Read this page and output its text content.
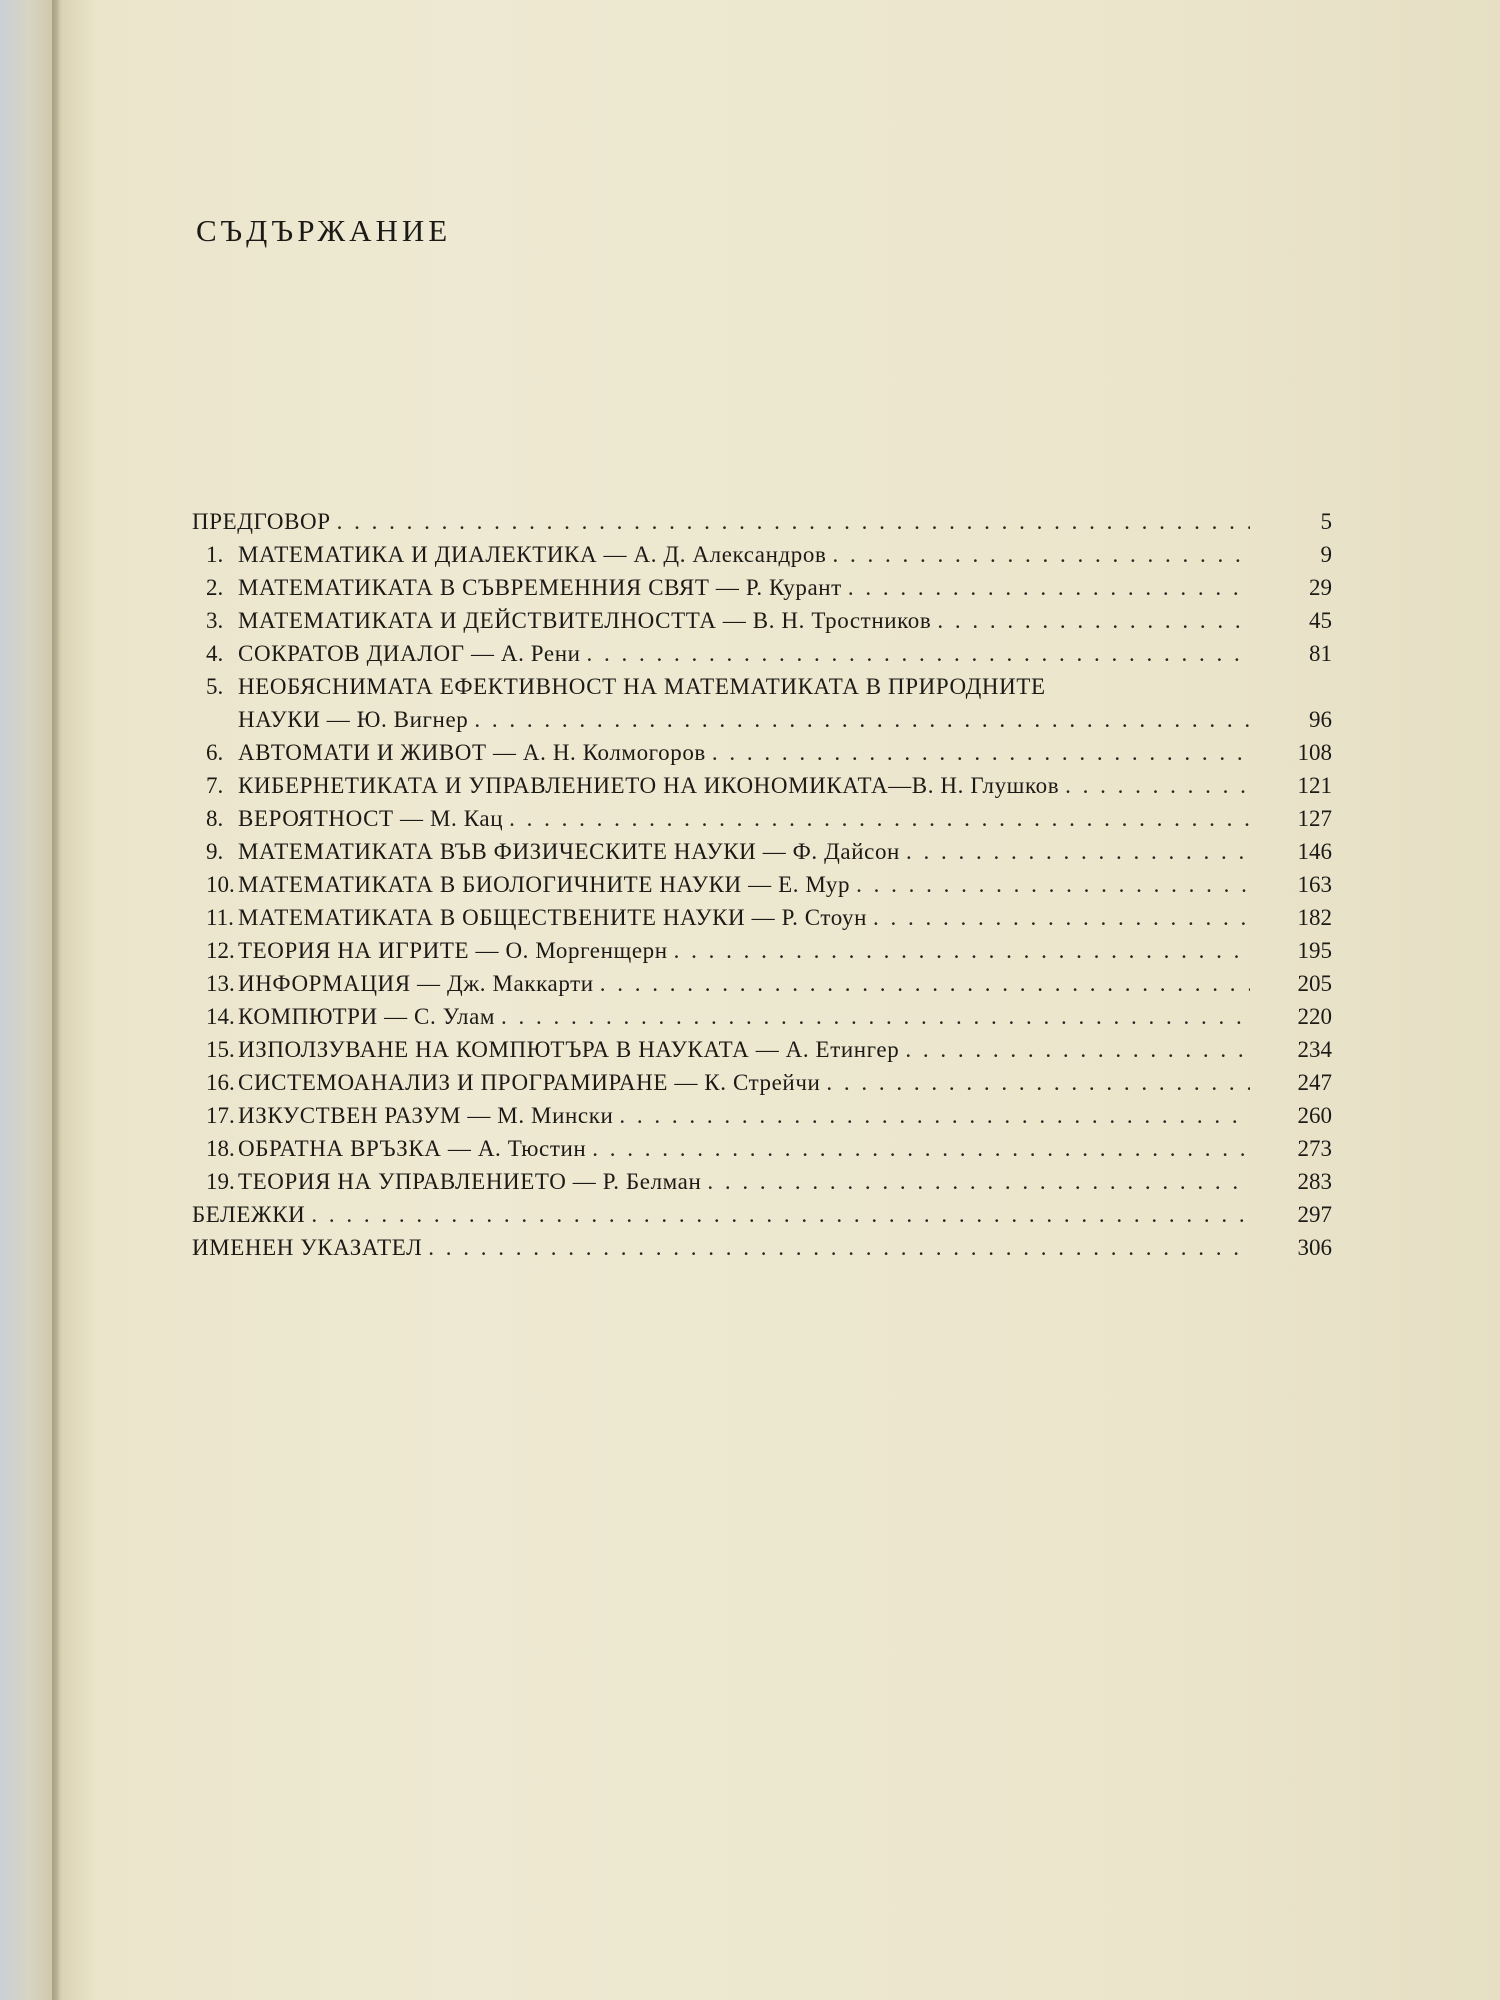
СЪДЪРЖАНИЕ
ПРЕДГОВОР . . .	5
1. МАТЕМАТИКА И ДИАЛЕКТИКА — А. Д. Александров . . .	9
2. МАТЕМАТИКАТА В СЪВРЕМЕННИЯ СВЯТ — Р. Курант . . .	29
3. МАТЕМАТИКАТА И ДЕЙСТВИТЕЛНОСТТА — В. Н. Тростников . . .	45
4. СОКРАТОВ ДИАЛОГ — А. Рени . . .	81
5. НЕОБЯСНИМАТА ЕФЕКТИВНОСТ НА МАТЕМАТИКАТА В ПРИРОДНИТЕ
НАУКИ — Ю. Вигнер . . .	96
6. АВТОМАТИ И ЖИВОТ — А. Н. Колмогоров . . .	108
7. КИБЕРНЕТИКАТА И УПРАВЛЕНИЕТО НА ИКОНОМИКАТА—В. Н. Глушков . . .	121
8. ВЕРОЯТНОСТ — М. Кац . . .	127
9. МАТЕМАТИКАТА ВЪВ ФИЗИЧЕСКИТЕ НАУКИ — Ф. Дайсон . . .	146
10. МАТЕМАТИКАТА В БИОЛОГИЧНИТЕ НАУКИ — Е. Мур . . .	163
11. МАТЕМАТИКАТА В ОБЩЕСТВЕНИТЕ НАУКИ — Р. Стоун . . .	182
12. ТЕОРИЯ НА ИГРИТЕ — О. Моргенщерн . . .	195
13. ИНФОРМАЦИЯ — Дж. Маккарти . . .	205
14. КОМПЮТРИ — С. Улам . . .	220
15. ИЗПОЛЗУВАНЕ НА КОМПЮТЪРА В НАУКАТА — А. Етингер . . .	234
16. СИСТЕМОАНАЛИЗ И ПРОГРАМИРАНЕ — К. Стрейчи . . .	247
17. ИЗКУСТВЕН РАЗУМ — М. Мински . . .	260
18. ОБРАТНА ВРЪЗКА — А. Тюстин . . .	273
19. ТЕОРИЯ НА УПРАВЛЕНИЕТО — Р. Белман . . .	283
БЕЛЕЖКИ . . .	297
ИМЕНЕН УКАЗАТЕЛ . . .	306
